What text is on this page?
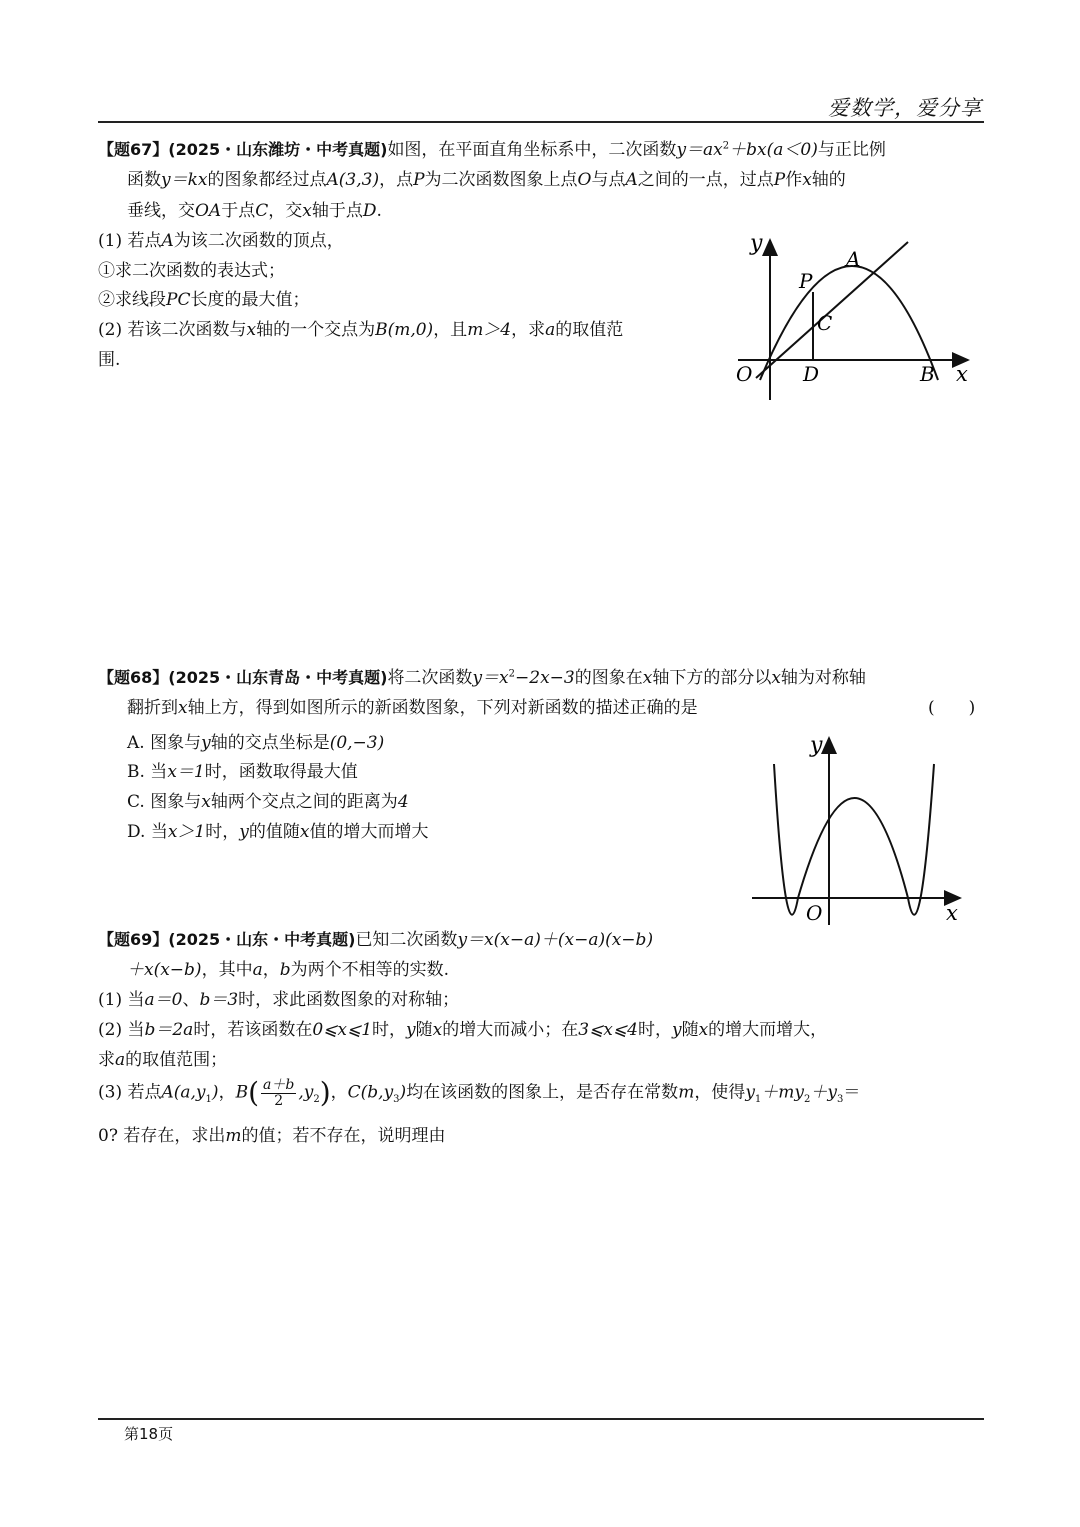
爱数学，爱分享
【题67】(2025・山东潍坊・中考真题)如图，在平面直角坐标系中，二次函数$y=ax^2+bx(a<0)$与正比例
函数y＝kx的图象都经过点A(3,3)，点P为二次函数图象上点O与点A之间的一点，过点P作x轴的
垂线，交OA于点C，交x轴于点D.
(1) 若点A为该二次函数的顶点，
①求二次函数的表达式；
②求线段PC长度的最大值；
(2) 若该二次函数与x轴的一个交点为B(m,0)，且m＞4，求a的取值范
围.
y
x
O
A
P
C
D	B
【题68】(2025・山东青岛・中考真题)将二次函数$y=x^2-2x-3$的图象在x轴下方的部分以x轴为对称轴
翻折到x轴上方，得到如图所示的新函数图象，下列对新函数的描述正确的是	(　　)
A. 图象与y轴的交点坐标是(0,−3)
B. 当x＝1时，函数取得最大值
C. 图象与x轴两个交点之间的距离为4
D. 当x＞1时，y的值随x值的增大而增大
y
x
O
【题69】(2025・山东・中考真题)已知二次函数y＝x(x−a)＋(x−a)(x−b)
＋x(x−b)，其中a，b为两个不相等的实数.
(1) 当a＝0、b＝3时，求此函数图象的对称轴；
(2) 当b＝2a时，若该函数在0⩽x⩽1时，y随x的增大而减小；在3⩽x⩽4时，y随x的增大而增大，
求a的取值范围；
(3) 若点$A(a,y_1)$，$B( \frac{a+b}{2} ,y_2)$，$C(b,y_3)$均在该函数的图象上，是否存在常数m，使得$y_1+my_2+y_3=$
0? 若存在，求出m的值；若不存在，说明理由
第18页
